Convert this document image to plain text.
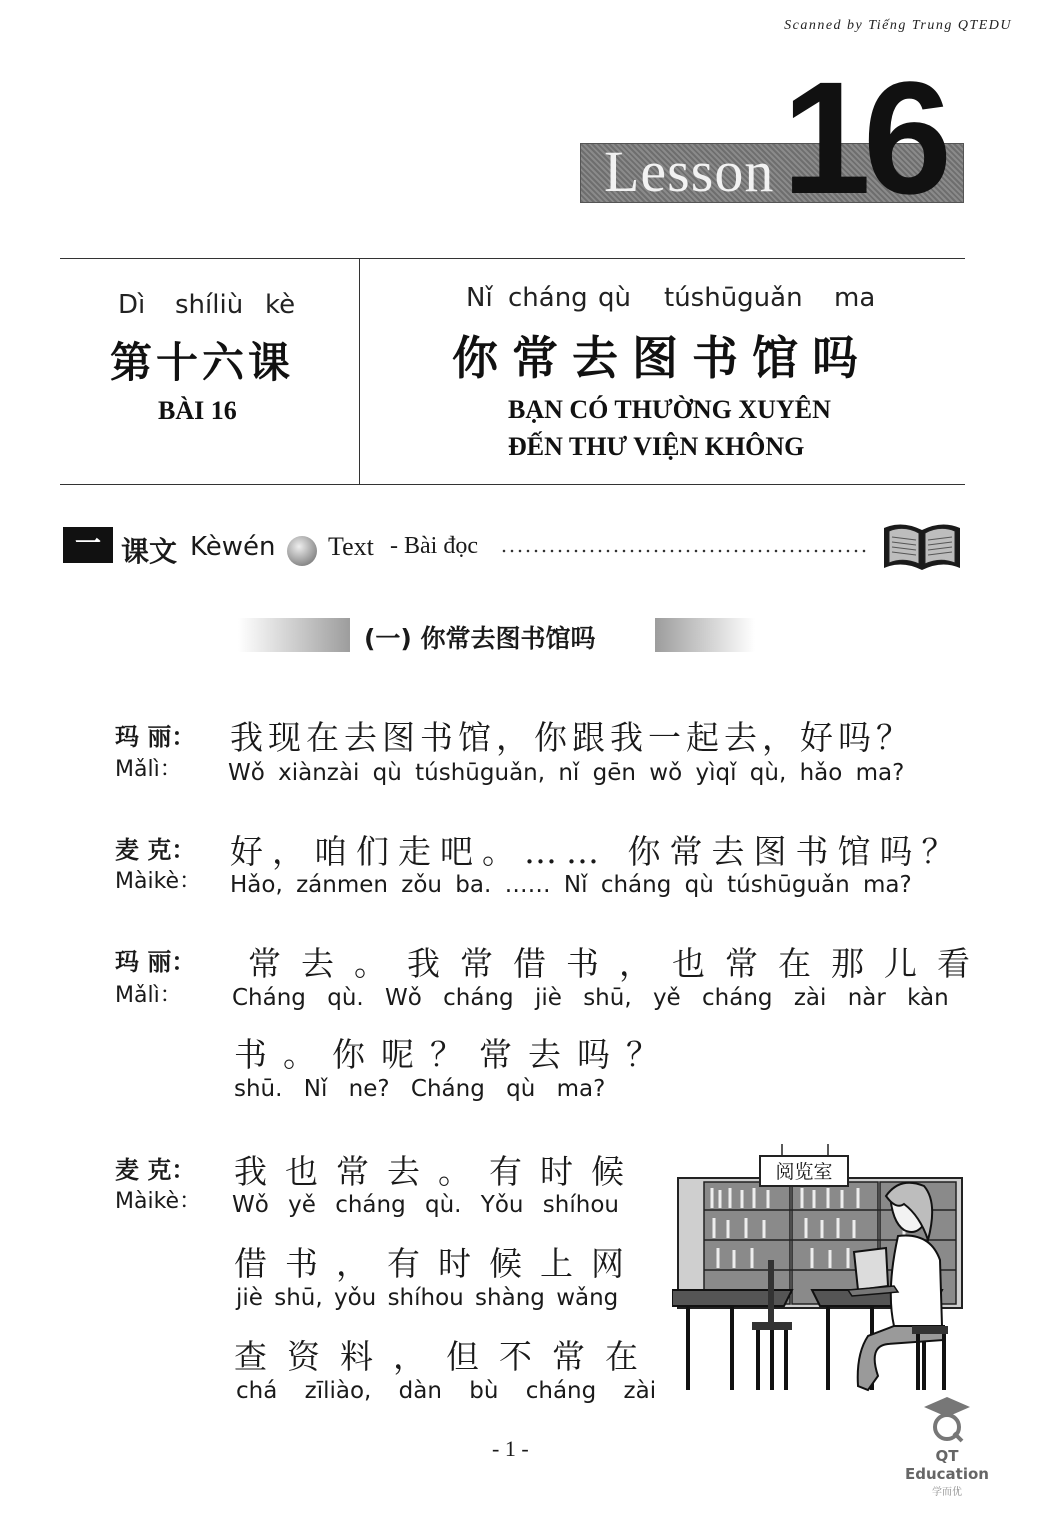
Scanned by Tiếng Trung QTEDU
Lesson 16
Dì shíliù kè
第十六课
BÀI 16
Nǐ cháng qù túshūguǎn ma
你常去图书馆吗
BẠN CÓ THƯỜNG XUYÊN
ĐẾN THƯ VIỆN KHÔNG
一 课文 Kèwén Text - Bài đọc
(一) 你常去图书馆吗
玛 丽：
Mǎlì：
我现在去图书馆，你跟我一起去，好吗？
Wǒ xiànzài qù túshūguǎn, nǐ gēn wǒ yìqǐ qù, hǎo ma?
麦 克：
Màikè：
好，咱们走吧。…… 你常去图书馆吗？
Hǎo, zánmen zǒu ba. …… Nǐ cháng qù túshūguǎn ma?
玛 丽：
Mǎlì：
常去。我常借书，也常在那儿看
Cháng qù. Wǒ cháng jiè shū, yě cháng zài nàr kàn
书。你呢？常去吗？
shū. Nǐ ne? Cháng qù ma?
麦 克：
Màikè：
我也常去。有时候
Wǒ yě cháng qù. Yǒu shíhou
借书，有时候上网
jiè shū, yǒu shíhou shàng wǎng
查资料，但不常在
chá zīliào, dàn bù cháng zài
阅览室
- 1 -	QT Education
学而优
